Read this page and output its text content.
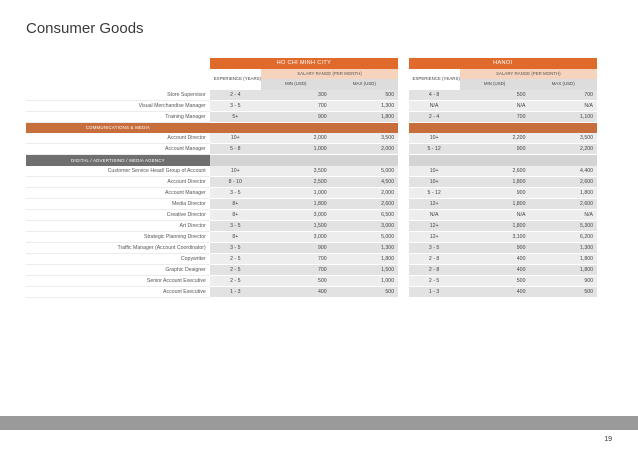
Consumer Goods
	HO CHI MINH CITY				HANOI		
	EXPERIENCE (YEARS)	SALARY RANGE (PER MONTH)			EXPERIENCE (YEARS)	SALARY RANGE (PER MONTH)	
		MIN (USD)	MAX (USD)			MIN (USD)	MAX (USD)
Store Supervisor	2 - 4	300	500		4 - 8	500	700
Visual Merchandise Manager	3 - 5	700	1,300		N/A	N/A	N/A
Training Manager	5+	900	1,800		2 - 4	700	1,100
COMMUNICATIONS & MEDIA							
Account Director	10+	2,000	3,500		10+	2,200	3,500
Account Manager	5 - 8	1,000	2,000		5 - 12	900	2,200
DIGITAL / ADVERTISING / MEDIA AGENCY							
Customer Service Head/ Group of Account	10+	3,500	5,000		10+	2,600	4,400
Account Director	8 - 10	2,500	4,500		10+	1,800	2,600
Account Manager	3 - 5	1,000	2,000		5 - 12	900	1,800
Media Director	8+	1,800	2,600		12+	1,800	2,600
Creative Director	8+	3,000	6,500		N/A	N/A	N/A
Art Director	3 - 5	1,500	3,000		12+	1,800	5,300
Strategic Planning Director	8+	3,000	5,000		12+	3,100	6,200
Traffic Manager (Account Coordinator)	3 - 5	900	1,300		3 - 5	900	1,300
Copywriter	2 - 5	700	1,800		2 - 8	400	1,800
Graphic Designer	2 - 5	700	1,500		2 - 8	400	1,800
Senior Account Executive	2 - 5	500	1,000		2 - 5	500	900
Account Executive	1 - 3	400	500		1 - 3	400	500
19
